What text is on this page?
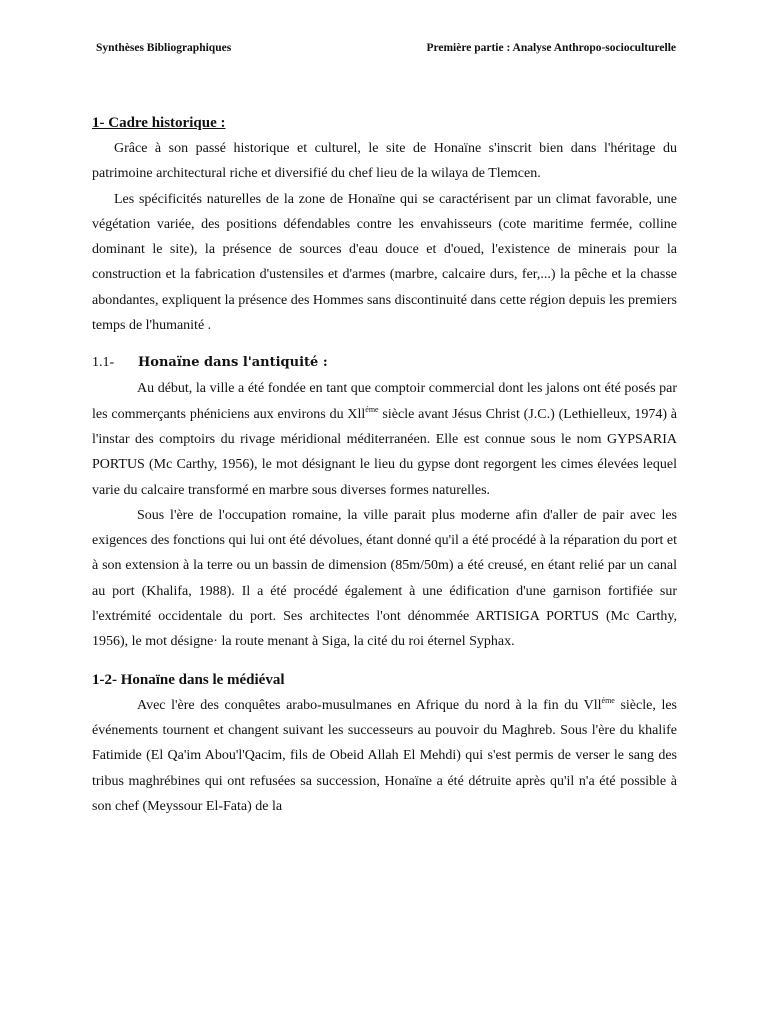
Synthèses Bibliographiques	Première partie : Analyse Anthropo-socioculturelle
1- Cadre historique :

Grâce à son passé historique et culturel, le site de Honaïne s'inscrit bien dans l'héritage du patrimoine architectural riche et diversifié du chef lieu de la wilaya de Tlemcen.

Les spécificités naturelles de la zone de Honaïne qui se caractérisent par un climat favorable, une végétation variée, des positions défendables contre les envahisseurs (cote maritime fermée, colline dominant le site), la présence de sources d'eau douce et d'oued, l'existence de minerais pour la construction et la fabrication d'ustensiles et d'armes (marbre, calcaire durs, fer,...) la pêche et la chasse abondantes, expliquent la présence des Hommes sans discontinuité dans cette région depuis les premiers temps de l'humanité .

1.1- Honaïne dans l'antiquité :

Au début, la ville a été fondée en tant que comptoir commercial dont les jalons ont été posés par les commerçants phéniciens aux environs du Xll$^{éme}$ siècle avant Jésus Christ (J.C.) (Lethielleux, 1974) à l'instar des comptoirs du rivage méridional méditerranéen. Elle est connue sous le nom GYPSARIA PORTUS (Mc Carthy, 1956), le mot désignant le lieu du gypse dont regorgent les cimes élevées lequel varie du calcaire transformé en marbre sous diverses formes naturelles.

Sous l'ère de l'occupation romaine, la ville parait plus moderne afin d'aller de pair avec les exigences des fonctions qui lui ont été dévolues, étant donné qu'il a été procédé à la réparation du port et à son extension à la terre ou un bassin de dimension (85m/50m) a été creusé, en étant relié par un canal au port (Khalifa, 1988). Il a été procédé également à une édification d'une garnison fortifiée sur l'extrémité occidentale du port. Ses architectes l'ont dénommée ARTISIGA PORTUS (Mc Carthy, 1956), le mot désigne· la route menant à Siga, la cité du roi éternel Syphax.

1-2- Honaïne dans le médiéval

Avec l'ère des conquêtes arabo-musulmanes en Afrique du nord à la fin du Vll$^{éme}$ siècle, les événements tournent et changent suivant les successeurs au pouvoir du Maghreb. Sous l'ère du khalife Fatimide (El Qa'im Abou'l'Qacim, fils de Obeid Allah El Mehdi) qui s'est permis de verser le sang des tribus maghrébines qui ont refusées sa succession, Honaïne a été détruite après qu'il n'a été possible à son chef (Meyssour El-Fata) de la
